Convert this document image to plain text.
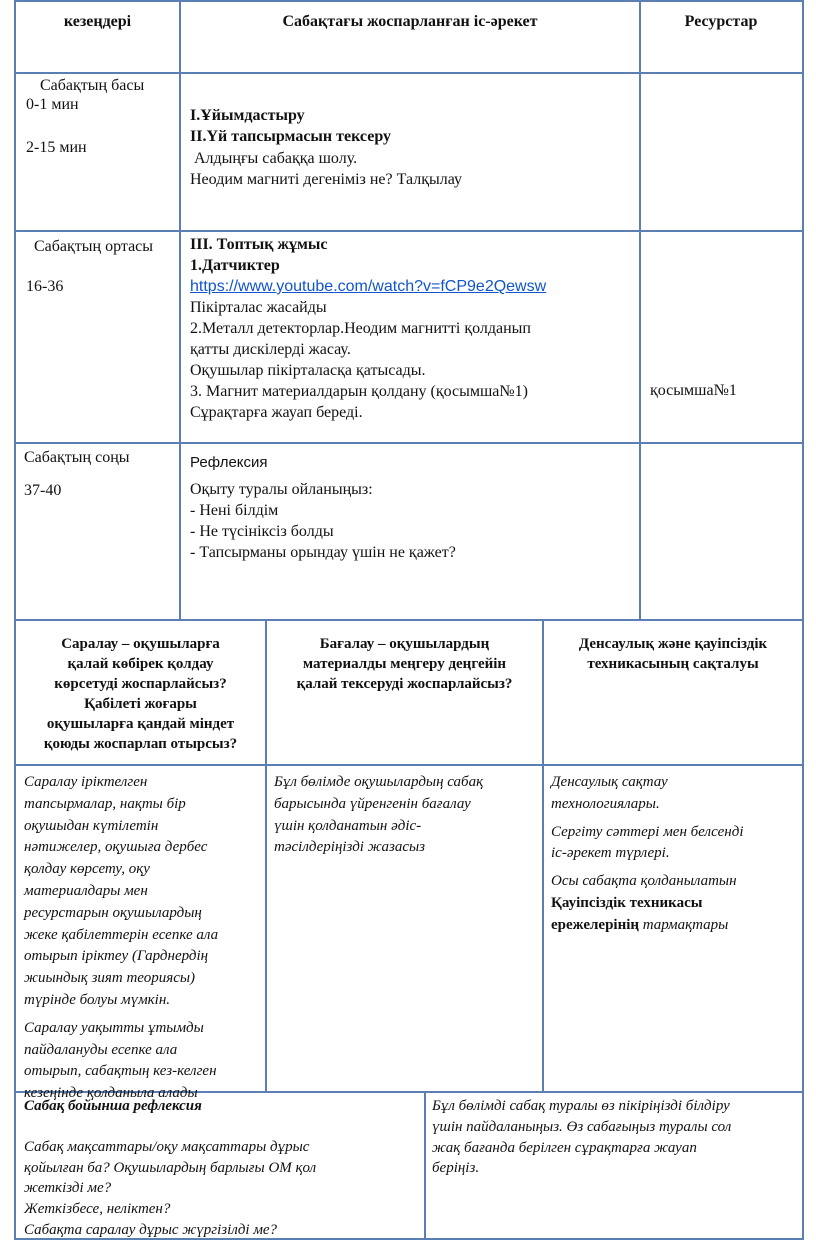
кезеңдері	Сабақтағы жоспарланған іс-әрекет	Ресурстар
Сабақтың басы
0-1 мин
2-15 мин
І.Ұйымдастыру
ІІ.Үй тапсырмасын тексеру
Алдыңғы сабаққа шолу.
Неодим магниті дегеніміз не? Талқылау
Сабақтың ортасы
16-36
ІІІ. Топтық жұмыс
1.Датчиктер
https://www.youtube.com/watch?v=fCP9e2Qewsw
Пікірталас жасайды
2.Металл детекторлар.Неодим магнитті қолданып
қатты дискілерді жасау.
Оқушылар пікірталасқа қатысады.
3. Магнит материалдарын қолдану (қосымша№1)
Сұрақтарға жауап береді.
қосымша№1
Сабақтың соңы
37-40
Рефлексия
Оқыту туралы ойланыңыз:
- Нені білдім
- Не түсініксіз болды
- Тапсырманы орындау үшін не қажет?
Саралау – оқушыларға
қалай көбірек қолдау
көрсетуді жоспарлайсыз?
Қабілеті жоғары
оқушыларға қандай міндет
қоюды жоспарлап отырсыз?
Бағалау – оқушылардың
материалды меңгеру деңгейін
қалай тексеруді жоспарлайсыз?
Денсаулық және қауіпсіздік
техникасының сақталуы
Саралау іріктелген
тапсырмалар, нақты бір
оқушыдан күтілетін
нәтижелер, оқушыға дербес
қолдау көрсету, оқу
материалдары мен
ресурстарын оқушылардың
жеке қабілеттерін есепке ала
отырып іріктеу (Гарднердің
жиындық зият теориясы)
түрінде болуы мүмкін.
Саралау уақытты ұтымды
пайдалануды есепке ала
отырып, сабақтың кез-келген
кезеңінде қолданыла алады
Бұл бөлімде оқушылардың сабақ
барысында үйренгенін бағалау
үшін қолданатын әдіс-
тәсілдеріңізді жазасыз
Денсаулық сақтау
технологиялары.
Сергіту сәттері мен белсенді
іс-әрекет түрлері.
Осы сабақта қолданылатын
Қауіпсіздік техникасы
ережелерінің тармақтары
Сабақ бойынша рефлексия
Сабақ мақсаттары/оқу мақсаттары дұрыс
қойылған ба? Оқушылардың барлығы ОМ қол
жеткізді ме?
Жеткізбесе, неліктен?
Сабақта саралау дұрыс жүргізілді ме?
Бұл бөлімді сабақ туралы өз пікіріңізді білдіру
үшін пайдаланыңыз. Өз сабағыңыз туралы сол
жақ бағанда берілген сұрақтарға жауап
беріңіз.
